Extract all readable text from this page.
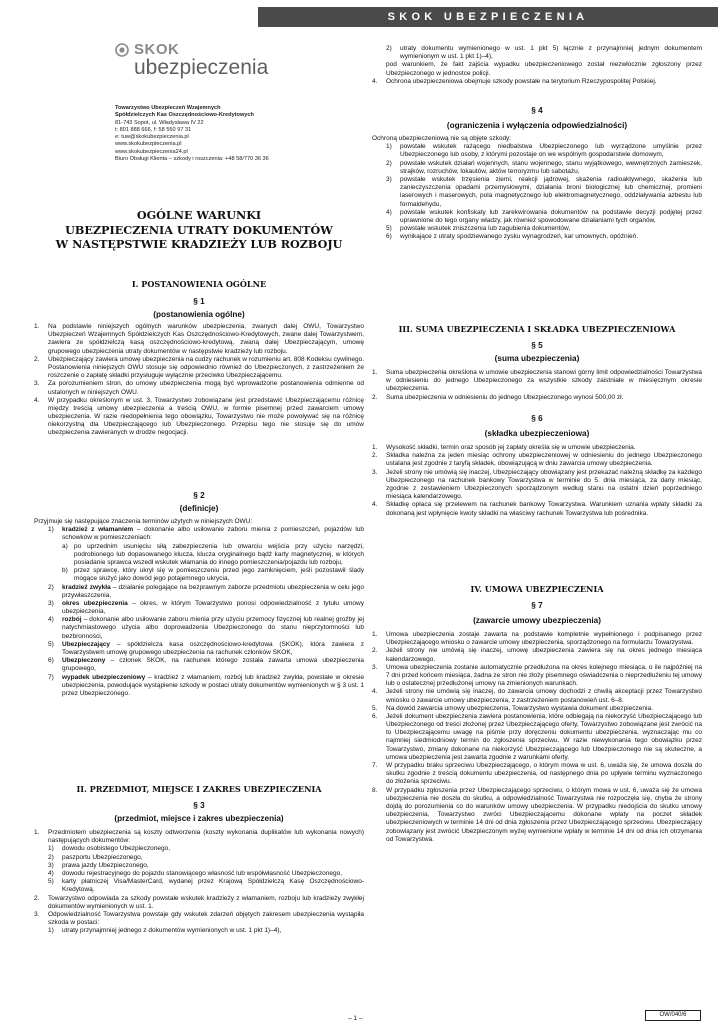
SKOK UBEZPIECZENIA
SKOK
ubezpieczenia
Towarzystwo Ubezpieczeń Wzajemnych
Spółdzielczych Kas Oszczędnościowo-Kredytowych
81-743 Sopot, ul. Władysława IV 22
t: 801 888 666, f: 58 550 97 31
e: tuw@skokubezpieczenia.pl
www.skokubezpieczenia.pl
www.skokubezpieczenia24.pl
Biuro Obsługi Klienta – szkody i roszczenia: +48 58/770 36 36
OGÓLNE WARUNKI
UBEZPIECZENIA UTRATY DOKUMENTÓW
W NASTĘPSTWIE KRADZIEŻY LUB ROZBOJU
I. POSTANOWIENIA OGÓLNE
§ 1
(postanowienia ogólne)
1.	Na podstawie niniejszych ogólnych warunków ubezpieczenia, zwanych dalej OWU, Towarzystwo Ubezpieczeń Wzajemnych Spółdzielczych Kas Oszczędnościowo-Kredytowych, zwane dalej Towarzystwem, zawiera ze spółdzielczą kasą oszczędnościowo-kredytową, zwaną dalej Ubezpieczającym, umowę grupowego ubezpieczenia utraty dokumentów w następstwie kradzieży lub rozboju.
2.	Ubezpieczający zawiera umowę ubezpieczenia na cudzy rachunek w rozumieniu art. 808 Kodeksu cywilnego. Postanowienia niniejszych OWU stosuje się odpowiednio również do Ubezpieczonych, z zastrzeżeniem że roszczenie o zapłatę składki przysługuje wyłącznie przeciwko Ubezpieczającemu.
3.	Za porozumieniem stron, do umowy ubezpieczenia mogą być wprowadzone postanowienia odmienne od ustalonych w niniejszych OWU.
4.	W przypadku określonym w ust. 3, Towarzystwo zobowiązane jest przedstawić Ubezpieczającemu różnicę między treścią umowy ubezpieczenia a treścią OWU, w formie pisemnej przed zawarciem umowy ubezpieczenia. W razie niedopełnienia tego obowiązku, Towarzystwo nie może powoływać się na różnicę niekorzystną dla Ubezpieczającego lub Ubezpieczonego. Przepisu tego nie stosuje się do umów ubezpieczenia zawieranych w drodze negocjacji.
§ 2
(definicje)
Przyjmuje się następujące znaczenia terminów użytych w niniejszych OWU:
1)	kradzież z włamaniem – dokonanie albo usiłowanie zaboru mienia z pomieszczeń, pojazdów lub schowków w pomieszczeniach:
a) po uprzednim usunięciu siłą zabezpieczenia lub otwarciu wejścia przy użyciu narzędzi, podrobionego lub dopasowanego klucza, klucza oryginalnego bądź karty magnetycznej, w których posiadanie sprawca wszedł wskutek włamania do innego pomieszczenia/pojazdu lub rozboju,
b) przez sprawcę, który ukrył się w pomieszczeniu przed jego zamknięciem, jeśli pozostawił ślady mogące służyć jako dowód jego potajemnego ukrycia,
2)	kradzież zwykła – działanie polegające na bezprawnym zaborze przedmiotu ubezpieczenia w celu jego przywłaszczenia,
3)	okres ubezpieczenia – okres, w którym Towarzystwo ponosi odpowiedzialność z tytułu umowy ubezpieczenia,
4)	rozbój – dokonanie albo usiłowanie zaboru mienia przy użyciu przemocy fizycznej lub realnej groźby jej natychmiastowego użycia albo doprowadzenia Ubezpieczonego do stanu nieprzytomności lub bezbronności,
5)	Ubezpieczający – spółdzielcza kasa oszczędnościowo-kredytowa (SKOK), która zawiera z Towarzystwem umowę grupowego ubezpieczenia na rachunek członków SKOK,
6)	Ubezpieczony – członek SKOK, na rachunek którego została zawarta umowa ubezpieczenia grupowego,
7)	wypadek ubezpieczeniowy – kradzież z włamaniem, rozbój lub kradzież zwykła, powstałe w okresie ubezpieczenia, powodujące wystąpienie szkody w postaci utraty dokumentów wymienionych w § 3 ust. 1 przez Ubezpieczonego.
II. PRZEDMIOT, MIEJSCE I ZAKRES UBEZPIECZENIA
§ 3
(przedmiot, miejsce i zakres ubezpieczenia)
1.	Przedmiotem ubezpieczenia są koszty odtworzenia (koszty wykonania duplikatów lub wykonania nowych) następujących dokumentów:
1)	dowodu osobistego Ubezpieczonego,
2)	paszportu Ubezpieczonego,
3)	prawa jazdy Ubezpieczonego,
4)	dowodu rejestracyjnego do pojazdu stanowiącego własność lub współwłasność Ubezpieczonego,
5)	karty płatniczej Visa/MasterCard, wydanej przez Krajową Spółdzielczą Kasę Oszczędnościowo-Kredytową.
2.	Towarzystwo odpowiada za szkody powstałe wskutek kradzieży z włamaniem, rozboju lub kradzieży zwykłej dokumentów wymienionych w ust. 1.
3.	Odpowiedzialność Towarzystwa powstaje gdy wskutek zdarzeń objętych zakresem ubezpieczenia wystąpiła szkoda w postaci:
1)	utraty przynajmniej jednego z dokumentów wymienionych w ust. 1 pkt 1)–4),
2)	utraty dokumentu wymienionego w ust. 1 pkt 5) łącznie z przynajmniej jednym dokumentem wymienionym w ust. 1 pkt 1)–4),
pod warunkiem, że fakt zajścia wypadku ubezpieczeniowego został niezwłocznie zgłoszony przez Ubezpieczonego w jednostce policji.
4.	Ochrona ubezpieczeniowa obejmuje szkody powstałe na terytorium Rzeczypospolitej Polskiej.
§ 4
(ograniczenia i wyłączenia odpowiedzialności)
Ochroną ubezpieczeniową nie są objęte szkody:
1)	powstałe wskutek rażącego niedbalstwa Ubezpieczonego lub wyrządzone umyślnie przez Ubezpieczonego lub osoby, z którymi pozostaje on we wspólnym gospodarstwie domowym,
2)	powstałe wskutek działań wojennych, stanu wojennego, stanu wyjątkowego, wewnętrznych zamieszek, strajków, rozruchów, lokautów, aktów terroryzmu lub sabotażu,
3)	powstałe wskutek trzęsienia ziemi, reakcji jądrowej, skażenia radioaktywnego, skażenia lub zanieczyszczenia opadami przemysłowymi, działania broni biologicznej lub chemicznej, promieni laserowych i maserowych, pola magnetycznego lub elektromagnetycznego, oddziaływania azbestu lub formaldehydu,
4)	powstałe wskutek konfiskaty lub zarekwirowania dokumentów na podstawie decyzji podjętej przez uprawnione do tego organy władzy, jak również spowodowane działaniami tych organów,
5)	powstałe wskutek zniszczenia lub zagubienia dokumentów,
6)	wynikające z utraty spodziewanego zysku wynagrodzeń, kar umownych, opóźnień.
III. SUMA UBEZPIECZENIA I SKŁADKA UBEZPIECZENIOWA
§ 5
(suma ubezpieczenia)
1.	Suma ubezpieczenia określona w umowie ubezpieczenia stanowi górny limit odpowiedzialności Towarzystwa w odniesieniu do jednego Ubezpieczonego za wszystkie szkody zaistniałe w miesięcznym okresie ubezpieczenia.
2.	Suma ubezpieczenia w odniesieniu do jednego Ubezpieczonego wynosi 500,00 zł.
§ 6
(składka ubezpieczeniowa)
1.	Wysokość składki, termin oraz sposób jej zapłaty określa się w umowie ubezpieczenia.
2.	Składka należna za jeden miesiąc ochrony ubezpieczeniowej w odniesieniu do jednego Ubezpieczonego ustalana jest zgodnie z taryfą składek, obowiązującą w dniu zawarcia umowy ubezpieczenia.
3.	Jeżeli strony nie umówią się inaczej, Ubezpieczający obowiązany jest przekazać należną składkę za każdego Ubezpieczonego na rachunek bankowy Towarzystwa w terminie do 5. dnia miesiąca, za dany miesiąc, zgodnie z zestawieniem Ubezpieczonych sporządzonym według stanu na ostatni dzień poprzedniego miesiąca kalendarzowego.
4.	Składkę opłaca się przelewem na rachunek bankowy Towarzystwa. Warunkiem uznania wpłaty składki za dokonaną jest wpłynięcie kwoty składki na właściwy rachunek Towarzystwa lub pośrednika.
IV. UMOWA UBEZPIECZENIA
§ 7
(zawarcie umowy ubezpieczenia)
1.	Umowa ubezpieczenia zostaje zawarta na podstawie kompletnie wypełnionego i podpisanego przez Ubezpieczającego wniosku o zawarcie umowy ubezpieczenia, sporządzonego na formularzu Towarzystwa.
2.	Jeżeli strony nie umówią się inaczej, umowę ubezpieczenia zawiera się na okres jednego miesiąca kalendarzowego.
3.	Umowa ubezpieczenia zostanie automatycznie przedłużona na okres kolejnego miesiąca, o ile najpóźniej na 7 dni przed końcem miesiąca, żadna ze stron nie złoży pisemnego oświadczenia o nieprzedłużeniu tej umowy lub o ostatecznej przedłużonej umowy na zmienionych warunkach.
4.	Jeżeli strony nie umówią się inaczej, do zawarcia umowy dochodzi z chwilą akceptacji przez Towarzystwo wniosku o zawarcie umowy ubezpieczenia, z zastrzeżeniem postanowień ust. 6–8.
5.	Na dowód zawarcia umowy ubezpieczenia, Towarzystwo wystawia dokument ubezpieczenia.
6.	Jeżeli dokument ubezpieczenia zawiera postanowienia, które odbiegają na niekorzyść Ubezpieczającego lub Ubezpieczonego od treści złożonej przez Ubezpieczającego oferty, Towarzystwo zobowiązane jest zwrócić na to Ubezpieczającemu uwagę na piśmie przy doręczeniu dokumentu ubezpieczenia, wyznaczając mu co najmniej siedmiodniowy termin do zgłoszenia sprzeciwu. W razie niewykonania tego obowiązku przez Towarzystwo, zmiany dokonane na niekorzyść Ubezpieczającego lub Ubezpieczonego nie są skuteczne, a umowa ubezpieczenia jest zawarta zgodnie z warunkami oferty.
7.	W przypadku braku sprzeciwu Ubezpieczającego, o którym mowa w ust. 6, uważa się, że umowa doszła do skutku zgodnie z treścią dokumentu ubezpieczenia, od następnego dnia po upływie terminu wyznaczonego do złożenia sprzeciwu.
8.	W przypadku zgłoszenia przez Ubezpieczającego sprzeciwu, o którym mowa w ust. 6, uważa się że umowa ubezpieczenia nie doszła do skutku, a odpowiedzialność Towarzystwa nie rozpoczęła się, chyba że strony dojdą do porozumienia co do warunków umowy ubezpieczenia. W przypadku niedojścia do skutku umowy ubezpieczenia, Towarzystwo zwróci Ubezpieczającemu dokonane wpłaty na poczet składek ubezpieczeniowych w terminie 14 dni od dnia zgłoszenia przez Ubezpieczającego sprzeciwu. Ubezpieczający zobowiązany jest zwrócić Ubezpieczonym wyżej wymienione wpłaty w terminie 14 dni od dnia ich otrzymania od Towarzystwa.
– 1 –	OW/040/6
